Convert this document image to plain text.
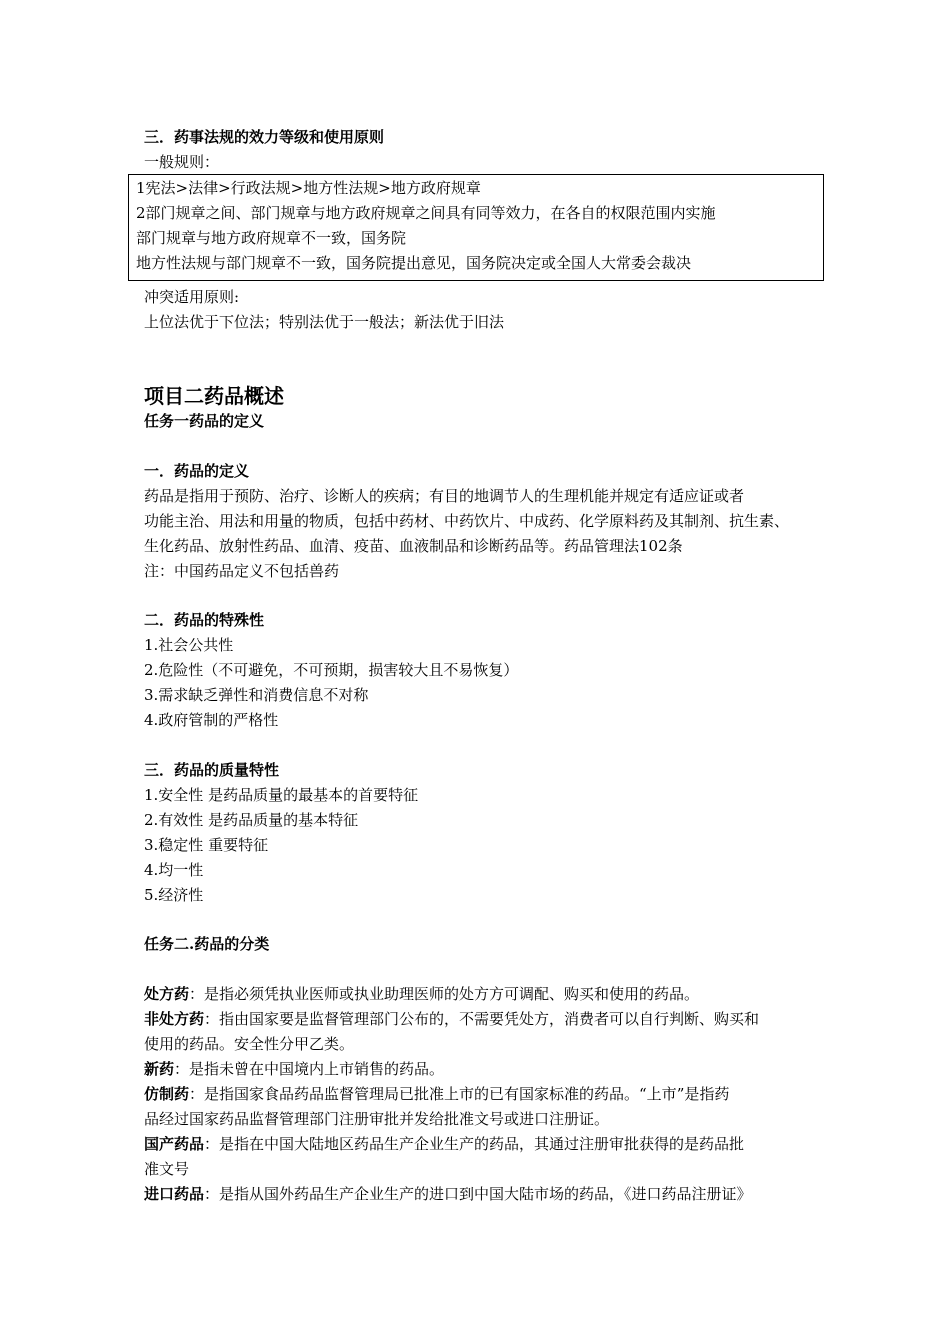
三．药事法规的效力等级和使用原则
一般规则：
1宪法>法律>行政法规>地方性法规>地方政府规章
2部门规章之间、部门规章与地方政府规章之间具有同等效力，在各自的权限范围内实施
部门规章与地方政府规章不一致，国务院
地方性法规与部门规章不一致，国务院提出意见，国务院决定或全国人大常委会裁决
冲突适用原则:
上位法优于下位法；特别法优于一般法；新法优于旧法
项目二药品概述
任务一药品的定义
一．药品的定义
药品是指用于预防、治疗、诊断人的疾病；有目的地调节人的生理机能并规定有适应证或者
功能主治、用法和用量的物质，包括中药材、中药饮片、中成药、化学原料药及其制剂、抗生素、
生化药品、放射性药品、血清、疫苗、血液制品和诊断药品等。药品管理法102条
注：中国药品定义不包括兽药
二．药品的特殊性
1.社会公共性
2.危险性（不可避免，不可预期，损害较大且不易恢复）
3.需求缺乏弹性和消费信息不对称
4.政府管制的严格性
三．药品的质量特性
1.安全性 是药品质量的最基本的首要特征
2.有效性 是药品质量的基本特征
3.稳定性 重要特征
4.均一性
5.经济性
任务二.药品的分类
处方药：是指必须凭执业医师或执业助理医师的处方方可调配、购买和使用的药品。
非处方药：指由国家要是监督管理部门公布的，不需要凭处方，消费者可以自行判断、购买和
使用的药品。安全性分甲乙类。
新药：是指未曾在中国境内上市销售的药品。
仿制药：是指国家食品药品监督管理局已批准上市的已有国家标准的药品。“上市”是指药
品经过国家药品监督管理部门注册审批并发给批准文号或进口注册证。
国产药品：是指在中国大陆地区药品生产企业生产的药品，其通过注册审批获得的是药品批
准文号
进口药品：是指从国外药品生产企业生产的进口到中国大陆市场的药品，《进口药品注册证》
